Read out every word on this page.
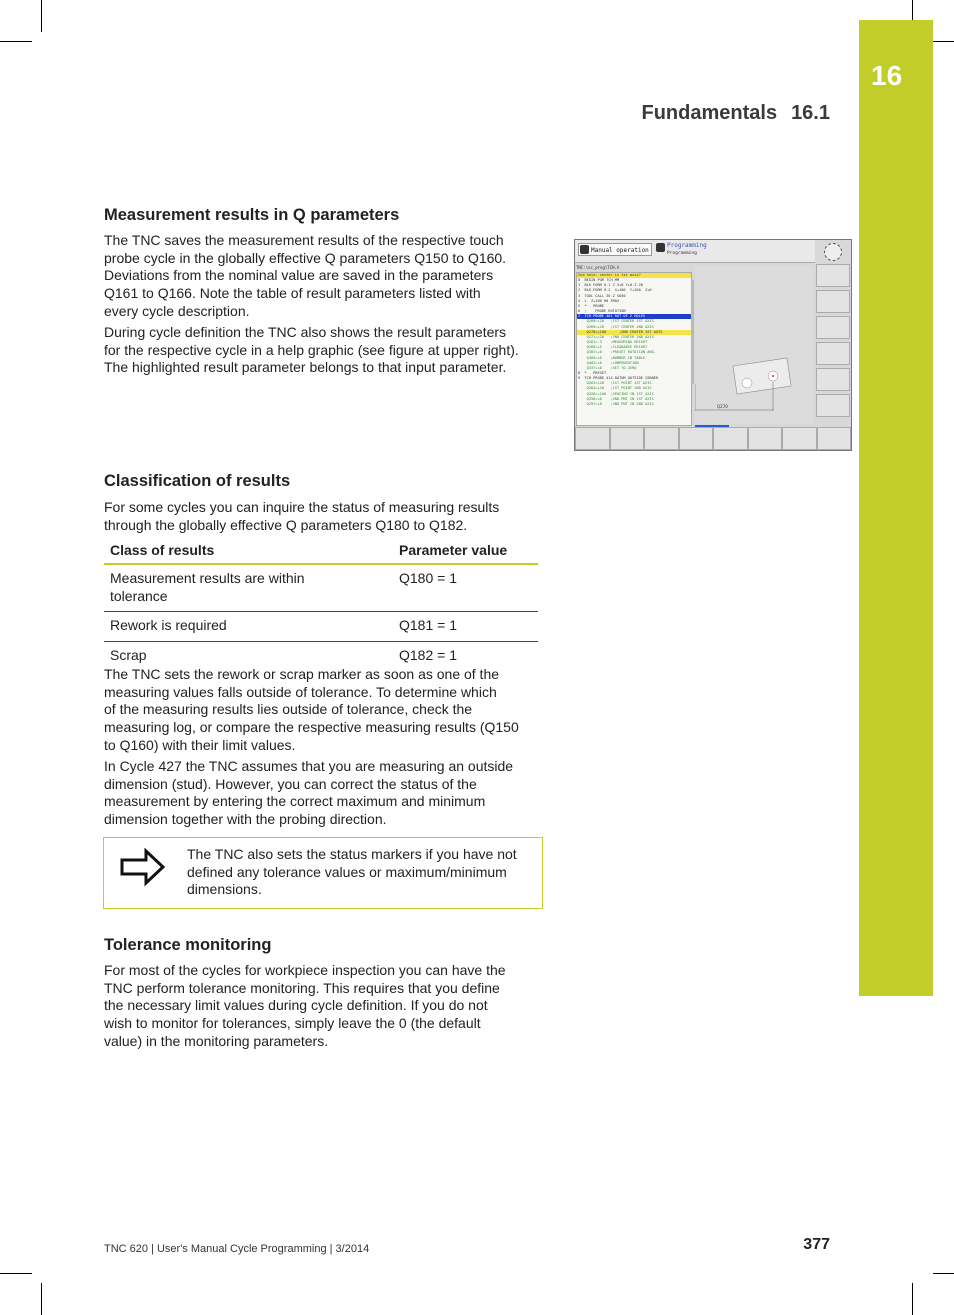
16
Fundamentals 16.1
Measurement results in Q parameters

The TNC saves the measurement results of the respective touch
probe cycle in the globally effective Q parameters Q150 to Q160.
Deviations from the nominal value are saved in the parameters
Q161 to Q166. Note the table of result parameters listed with
every cycle description.

During cycle definition the TNC also shows the result parameters
for the respective cycle in a help graphic (see figure at upper right).
The highlighted result parameter belongs to that input parameter.

Manual operation
Programming
Programming
TNC:\nc_prog\TCH.h
2nd hole: center in 1st axis?
0  BEGIN PGM TCH MM
1  BLK FORM 0.1 Z X+0 Y+0 Z-20
2  BLK FORM 0.2  X+100  Y+100  Z+0
3  TOOL CALL 30 Z S650
4  L  Z+100 R0 FMAX
5  * - PROBE
6  ;    PROBE ROTATION
7  TCH PROBE 401 ROT OF 2 HOLES
Q268=+20   ;1ST CENTER 1ST AXIS
Q269=+20   ;1ST CENTER 2ND AXIS
Q270=+180      ;2ND CENTER 1ST AXIS
Q271=+20   ;2ND CENTER 2ND AXIS
Q261=-3    ;MEASURING HEIGHT
Q260=+5    ;CLEARANCE HEIGHT
Q307=+0    ;PRESET ROTATION ANG.
Q305=+0    ;NUMBER IN TABLE
Q402=+0    ;COMPENSATION
Q337=+0    ;SET TO ZERO
8  * - PRESET
9  TCH PROBE 414 DATUM OUTSIDE CORNER
Q263=+20   ;1ST POINT 1ST AXIS
Q264=+20   ;1ST POINT 2ND AXIS
Q326=+180  ;SPACING IN 1ST AXIS
Q296=+0    ;2ND PNT IN 1ST AXIS
Q297=+0    ;2ND PNT IN 2ND AXIS
Q270
Classification of results

For some cycles you can inquire the status of measuring results
through the globally effective Q parameters Q180 to Q182.

Class of results	Parameter value
Measurement results are within
tolerance	Q180 = 1
Rework is required	Q181 = 1
Scrap	Q182 = 1

The TNC sets the rework or scrap marker as soon as one of the
measuring values falls outside of tolerance. To determine which
of the measuring results lies outside of tolerance, check the
measuring log, or compare the respective measuring results (Q150
to Q160) with their limit values.

In Cycle 427 the TNC assumes that you are measuring an outside
dimension (stud). However, you can correct the status of the
measurement by entering the correct maximum and minimum
dimension together with the probing direction.

The TNC also sets the status markers if you have not
defined any tolerance values or maximum/minimum
dimensions.
Tolerance monitoring

For most of the cycles for workpiece inspection you can have the
TNC perform tolerance monitoring. This requires that you define
the necessary limit values during cycle definition. If you do not
wish to monitor for tolerances, simply leave the 0 (the default
value) in the monitoring parameters.

TNC 620 | User's Manual Cycle Programming | 3/2014	377
